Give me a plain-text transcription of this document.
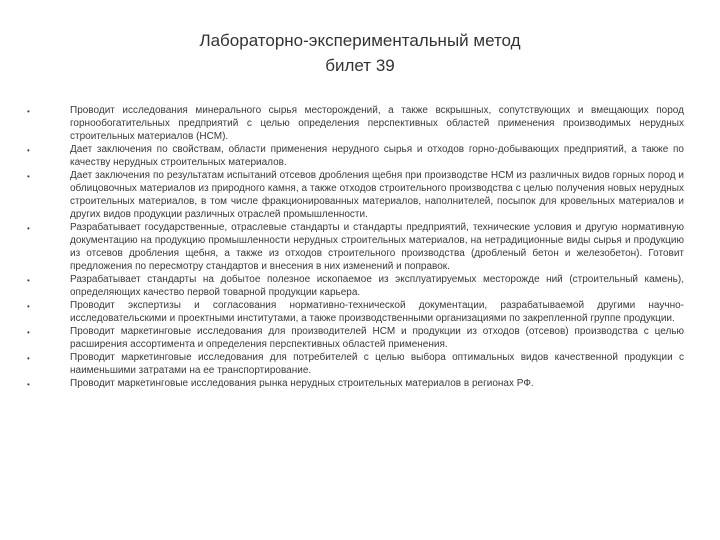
Лабораторно-экспериментальный метод
билет 39
•	Проводит исследования минерального сырья месторождений, а также вскрышных, сопутствующих и вмещающих пород горнообогатительных предприятий с целью определения перспективных областей применения производимых нерудных строительных материалов (НСМ).
•	Дает заключения по свойствам, области применения нерудного сырья и отходов горно-добывающих предприятий, а также по качеству нерудных строительных материалов.
•	Дает заключения по результатам испытаний отсевов дробления щебня при производстве НСМ из различных видов горных пород и облицовочных материалов из природного камня, а также отходов строительного производства с целью получения новых нерудных строительных материалов, в том числе фракционированных материалов, наполнителей, посыпок для кровельных материалов и других видов продукции различных отраслей промышленности.
•	Разрабатывает государственные, отраслевые стандарты и стандарты предприятий, технические условия и другую нормативную документацию на продукцию промышленности нерудных строительных материалов, на нетрадиционные виды сырья и продукцию из отсевов дробления щебня, а также из отходов строительного производства (дробленый бетон и железобетон). Готовит предложения по пересмотру стандартов и внесения в них изменений и поправок.
•	Разрабатывает стандарты на добытое полезное ископаемое из эксплуатируемых месторожде ний (строительный камень), определяющих качество первой товарной продукции карьера.
•	Проводит экспертизы и согласования нормативно-технической документации, разрабатываемой другими научно-исследовательскими и проектными институтами, а также производственными организациями по закрепленной группе продукции.
•	Проводит маркетинговые исследования для производителей НСМ и продукции из отходов (отсевов) производства с целью расширения ассортимента и определения перспективных областей применения.
•	Проводит маркетинговые исследования для потребителей с целью выбора оптимальных видов качественной продукции с наименьшими затратами на ее транспортирование.
•	Проводит маркетинговые исследования рынка нерудных строительных материалов в регионах РФ.
